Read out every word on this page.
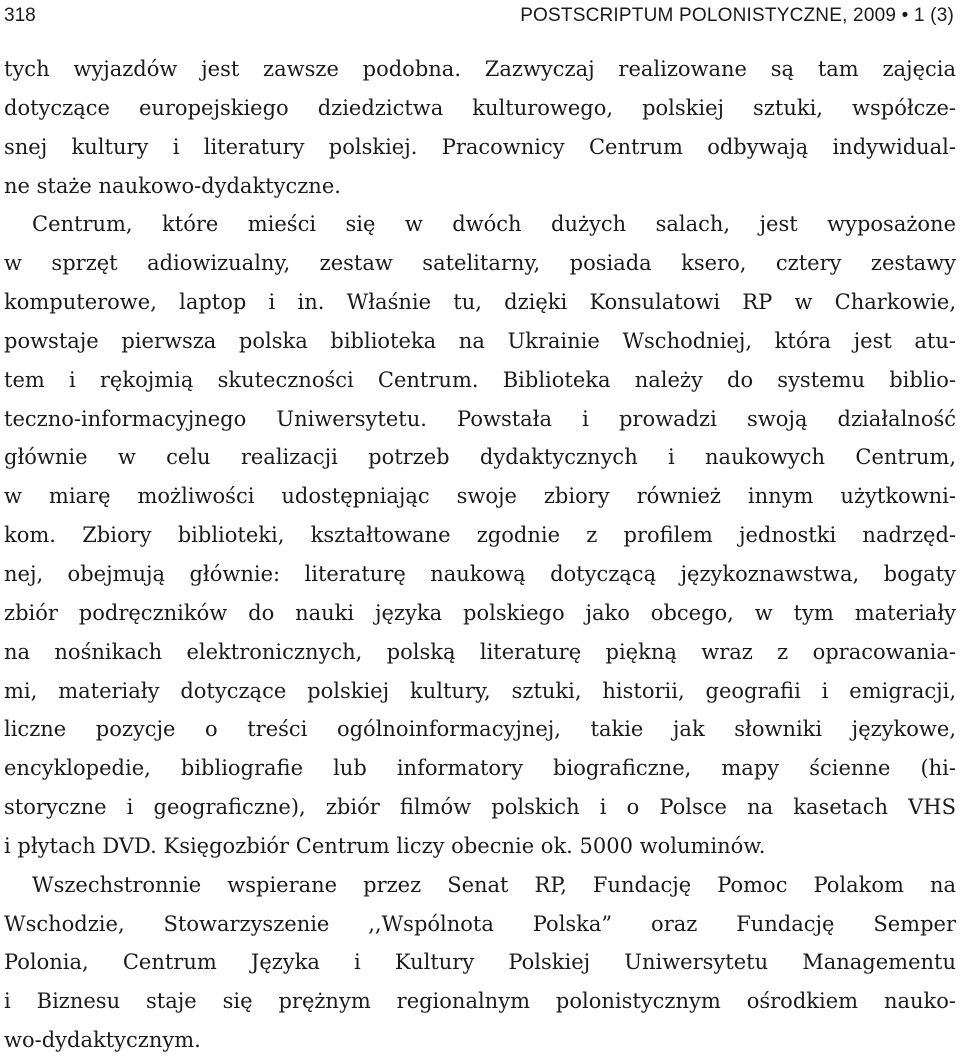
318	POSTSCRIPTUM POLONISTYCZNE, 2009 • 1 (3)
tych wyjazdów jest zawsze podobna. Zazwyczaj realizowane są tam zajęcia
dotyczące europejskiego dziedzictwa kulturowego, polskiej sztuki, współcze-
snej kultury i literatury polskiej. Pracownicy Centrum odbywają indywidual-
ne staże naukowo-dydaktyczne.
Centrum, które mieści się w dwóch dużych salach, jest wyposażone
w sprzęt adiowizualny, zestaw satelitarny, posiada ksero, cztery zestawy
komputerowe, laptop i in. Właśnie tu, dzięki Konsulatowi RP w Charkowie,
powstaje pierwsza polska biblioteka na Ukrainie Wschodniej, która jest atu-
tem i rękojmią skuteczności Centrum. Biblioteka należy do systemu biblio-
teczno-informacyjnego Uniwersytetu. Powstała i prowadzi swoją działalność
głównie w celu realizacji potrzeb dydaktycznych i naukowych Centrum,
w miarę możliwości udostępniając swoje zbiory również innym użytkowni-
kom. Zbiory biblioteki, kształtowane zgodnie z profilem jednostki nadrzęd-
nej, obejmują głównie: literaturę naukową dotyczącą językoznawstwa, bogaty
zbiór podręczników do nauki języka polskiego jako obcego, w tym materiały
na nośnikach elektronicznych, polską literaturę piękną wraz z opracowania-
mi, materiały dotyczące polskiej kultury, sztuki, historii, geografii i emigracji,
liczne pozycje o treści ogólnoinformacyjnej, takie jak słowniki językowe,
encyklopedie, bibliografie lub informatory biograficzne, mapy ścienne (hi-
storyczne i geograficzne), zbiór filmów polskich i o Polsce na kasetach VHS
i płytach DVD. Księgozbiór Centrum liczy obecnie ok. 5000 woluminów.
Wszechstronnie wspierane przez Senat RP, Fundację Pomoc Polakom na
Wschodzie, Stowarzyszenie ,,Wspólnota Polska” oraz Fundację Semper
Polonia, Centrum Języka i Kultury Polskiej Uniwersytetu Managementu
i Biznesu staje się prężnym regionalnym polonistycznym ośrodkiem nauko-
wo-dydaktycznym.
